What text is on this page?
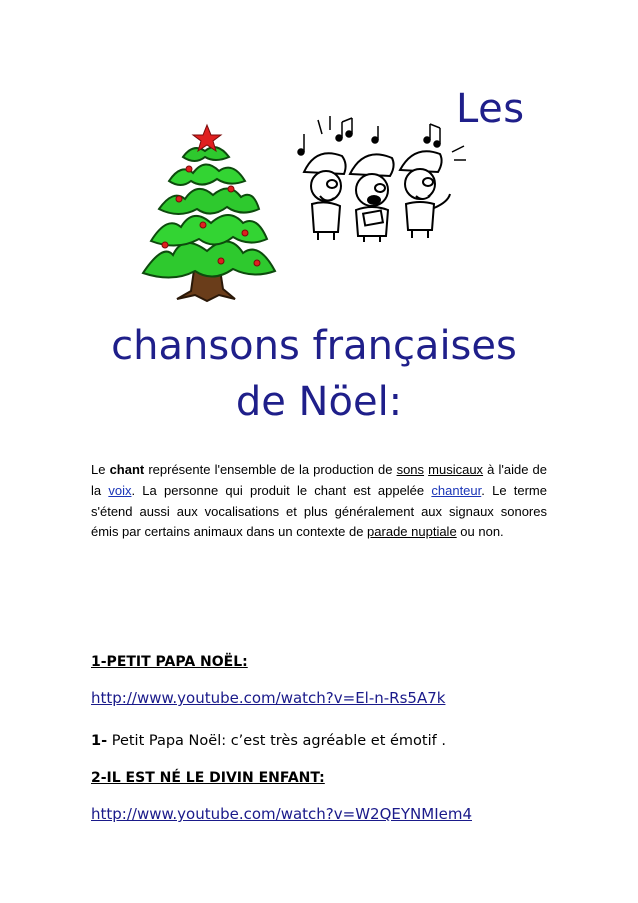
Les
chansons françaises
de Nöel:
Le chant représente l'ensemble de la production de sons musicaux à l'aide de la voix. La personne qui produit le chant est appelée chanteur. Le terme s'étend aussi aux vocalisations et plus généralement aux signaux sonores émis par certains animaux dans un contexte de parade nuptiale ou non.
1-PETIT PAPA NOËL:
http://www.youtube.com/watch?v=El-n-Rs5A7k
1- Petit Papa Noël: c’est très agréable et émotif .
2-IL EST NÉ LE DIVIN ENFANT:
http://www.youtube.com/watch?v=W2QEYNMIem4
